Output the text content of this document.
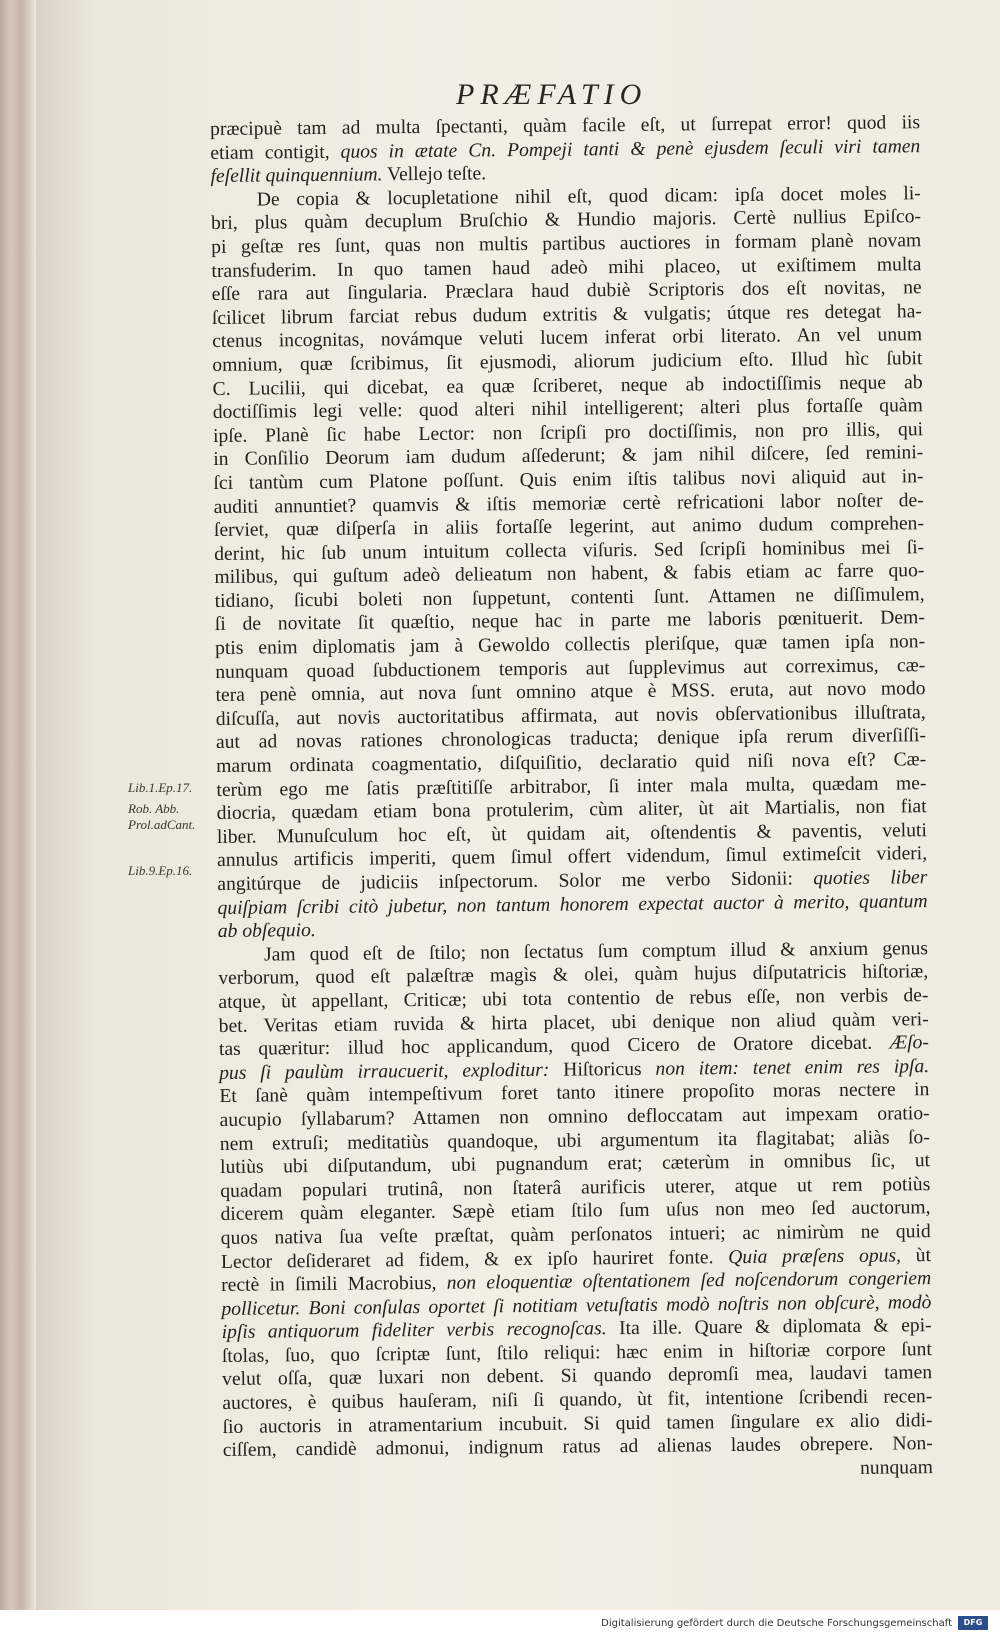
PRÆFATIO
Lib.1.Ep.17.
Rob. Abb.
Prol.adCant.
Lib.9.Ep.16.

præcipuè tam ad multa ſpectanti, quàm facile eſt, ut ſurrepat error! quod iis
etiam contigit, quos in ætate Cn. Pompeji tanti & penè ejusdem ſeculi viri tamen
feſellit quinquennium. Vellejo teſte.

De copia & locupletatione nihil eſt, quod dicam: ipſa docet moles li-
bri, plus quàm decuplum Bruſchio & Hundio majoris. Certè nullius Epiſco-
pi geſtæ res ſunt, quas non multis partibus auctiores in formam planè novam
transfuderim. In quo tamen haud adeò mihi placeo, ut exiſtimem multa
eſſe rara aut ſingularia. Præclara haud dubiè Scriptoris dos eſt novitas, ne
ſcilicet librum farciat rebus dudum extritis & vulgatis; útque res detegat ha-
ctenus incognitas, novámque veluti lucem inferat orbi literato. An vel unum
omnium, quæ ſcribimus, ſit ejusmodi, aliorum judicium eſto. Illud hìc ſubit
C. Lucilii, qui dicebat, ea quæ ſcriberet, neque ab indoctiſſimis neque ab
doctiſſimis legi velle: quod alteri nihil intelligerent; alteri plus fortaſſe quàm
ipſe. Planè ſic habe Lector: non ſcripſi pro doctiſſimis, non pro illis, qui
in Conſilio Deorum iam dudum aſſederunt; & jam nihil diſcere, ſed remini-
ſci tantùm cum Platone poſſunt. Quis enim iſtis talibus novi aliquid aut in-
auditi annuntiet? quamvis & iſtis memoriæ certè refricationi labor noſter de-
ſerviet, quæ diſperſa in aliis fortaſſe legerint, aut animo dudum comprehen-
derint, hic ſub unum intuitum collecta viſuris. Sed ſcripſi hominibus mei ſi-
milibus, qui guſtum adeò delieatum non habent, & fabis etiam ac farre quo-
tidiano, ſicubi boleti non ſuppetunt, contenti ſunt. Attamen ne diſſimulem,
ſi de novitate ſit quæſtio, neque hac in parte me laboris pœnituerit. Dem-
ptis enim diplomatis jam à Gewoldo collectis pleriſque, quæ tamen ipſa non-
nunquam quoad ſubductionem temporis aut ſupplevimus aut correximus, cæ-
tera penè omnia, aut nova ſunt omnino atque è MSS. eruta, aut novo modo
diſcuſſa, aut novis auctoritatibus affirmata, aut novis obſervationibus illuſtrata,
aut ad novas rationes chronologicas traducta; denique ipſa rerum diverſiſſi-
marum ordinata coagmentatio, diſquiſitio, declaratio quid niſi nova eſt? Cæ-
terùm ego me ſatis præſtitiſſe arbitrabor, ſi inter mala multa, quædam me-
diocria, quædam etiam bona protulerim, cùm aliter, ùt ait Martialis, non fiat
liber. Munuſculum hoc eſt, ùt quidam ait, oſtendentis & paventis, veluti
annulus artificis imperiti, quem ſimul offert videndum, ſimul extimeſcit videri,
angitúrque de judiciis inſpectorum. Solor me verbo Sidonii: quoties liber
quiſpiam ſcribi citò jubetur, non tantum honorem expectat auctor à merito, quantum
ab obſequio.

Jam quod eſt de ſtilo; non ſectatus ſum comptum illud & anxium genus
verborum, quod eſt palæſtræ magìs & olei, quàm hujus diſputatricis hiſtoriæ,
atque, ùt appellant, Criticæ; ubi tota contentio de rebus eſſe, non verbis de-
bet. Veritas etiam ruvida & hirta placet, ubi denique non aliud quàm veri-
tas quæritur: illud hoc applicandum, quod Cicero de Oratore dicebat. Æſo-
pus ſi paulùm irraucuerit, exploditur: Hiſtoricus non item: tenet enim res ipſa.
Et ſanè quàm intempeſtivum foret tanto itinere propoſito moras nectere in
aucupio ſyllabarum? Attamen non omnino defloccatam aut impexam oratio-
nem extruſi; meditatiùs quandoque, ubi argumentum ita flagitabat; aliàs ſo-
lutiùs ubi diſputandum, ubi pugnandum erat; cæterùm in omnibus ſic, ut
quadam populari trutinâ, non ſtaterâ aurificis uterer, atque ut rem potiùs
dicerem quàm eleganter. Sæpè etiam ſtilo ſum uſus non meo ſed auctorum,
quos nativa ſua veſte præſtat, quàm perſonatos intueri; ac nimirùm ne quid
Lector deſideraret ad fidem, & ex ipſo hauriret fonte. Quia præſens opus, ùt
rectè in ſimili Macrobius, non eloquentiæ oſtentationem ſed noſcendorum congeriem
pollicetur. Boni conſulas oportet ſi notitiam vetuſtatis modò noſtris non obſcurè, modò
ipſis antiquorum fideliter verbis recognoſcas. Ita ille. Quare & diplomata & epi-
ſtolas, ſuo, quo ſcriptæ ſunt, ſtilo reliqui: hæc enim in hiſtoriæ corpore ſunt
velut oſſa, quæ luxari non debent. Si quando depromſi mea, laudavi tamen
auctores, è quibus hauſeram, niſi ſi quando, ùt fit, intentione ſcribendi recen-
ſio auctoris in atramentarium incubuit. Si quid tamen ſingulare ex alio didi-
ciſſem, candidè admonui, indignum ratus ad alienas laudes obrepere. Non-

nunquam
Digitalisierung gefördert durch die Deutsche Forschungsgemeinschaft	DFG
